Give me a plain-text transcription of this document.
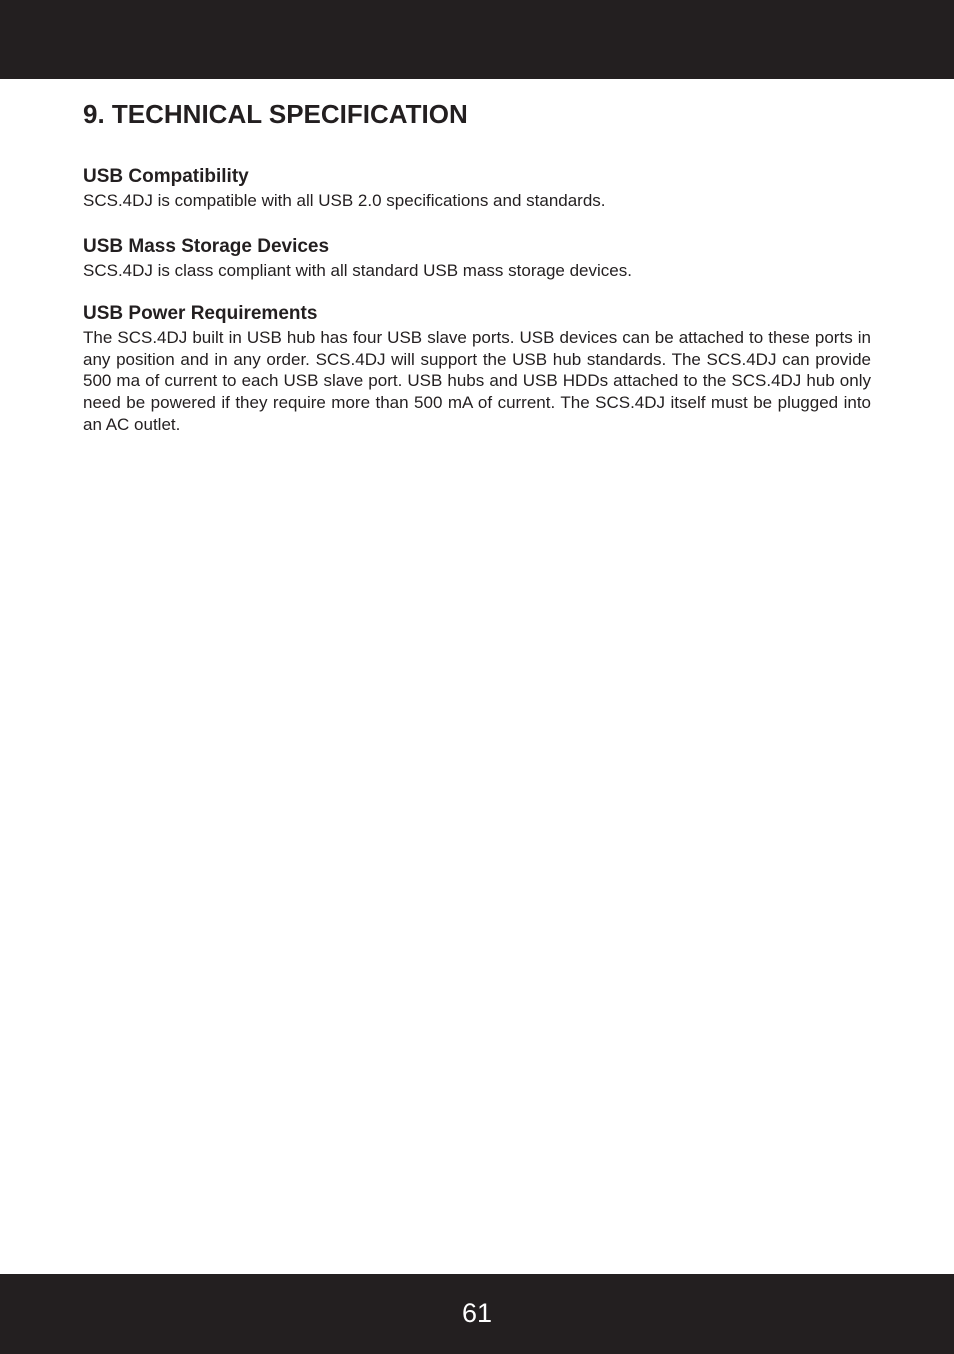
9. TECHNICAL SPECIFICATION
USB Compatibility

SCS.4DJ is compatible with all USB 2.0 specifications and standards.

USB Mass Storage Devices

SCS.4DJ is class compliant with all standard USB mass storage devices.

USB Power Requirements

The SCS.4DJ built in USB hub has four USB slave ports. USB devices can be attached to these ports in any position and in any order. SCS.4DJ will support the USB hub standards. The SCS.4DJ can provide 500 ma of current to each USB slave port. USB hubs and USB HDDs attached to the SCS.4DJ hub only need be powered if they require more than 500 mA of current. The SCS.4DJ itself must be plugged into an AC outlet.

61
